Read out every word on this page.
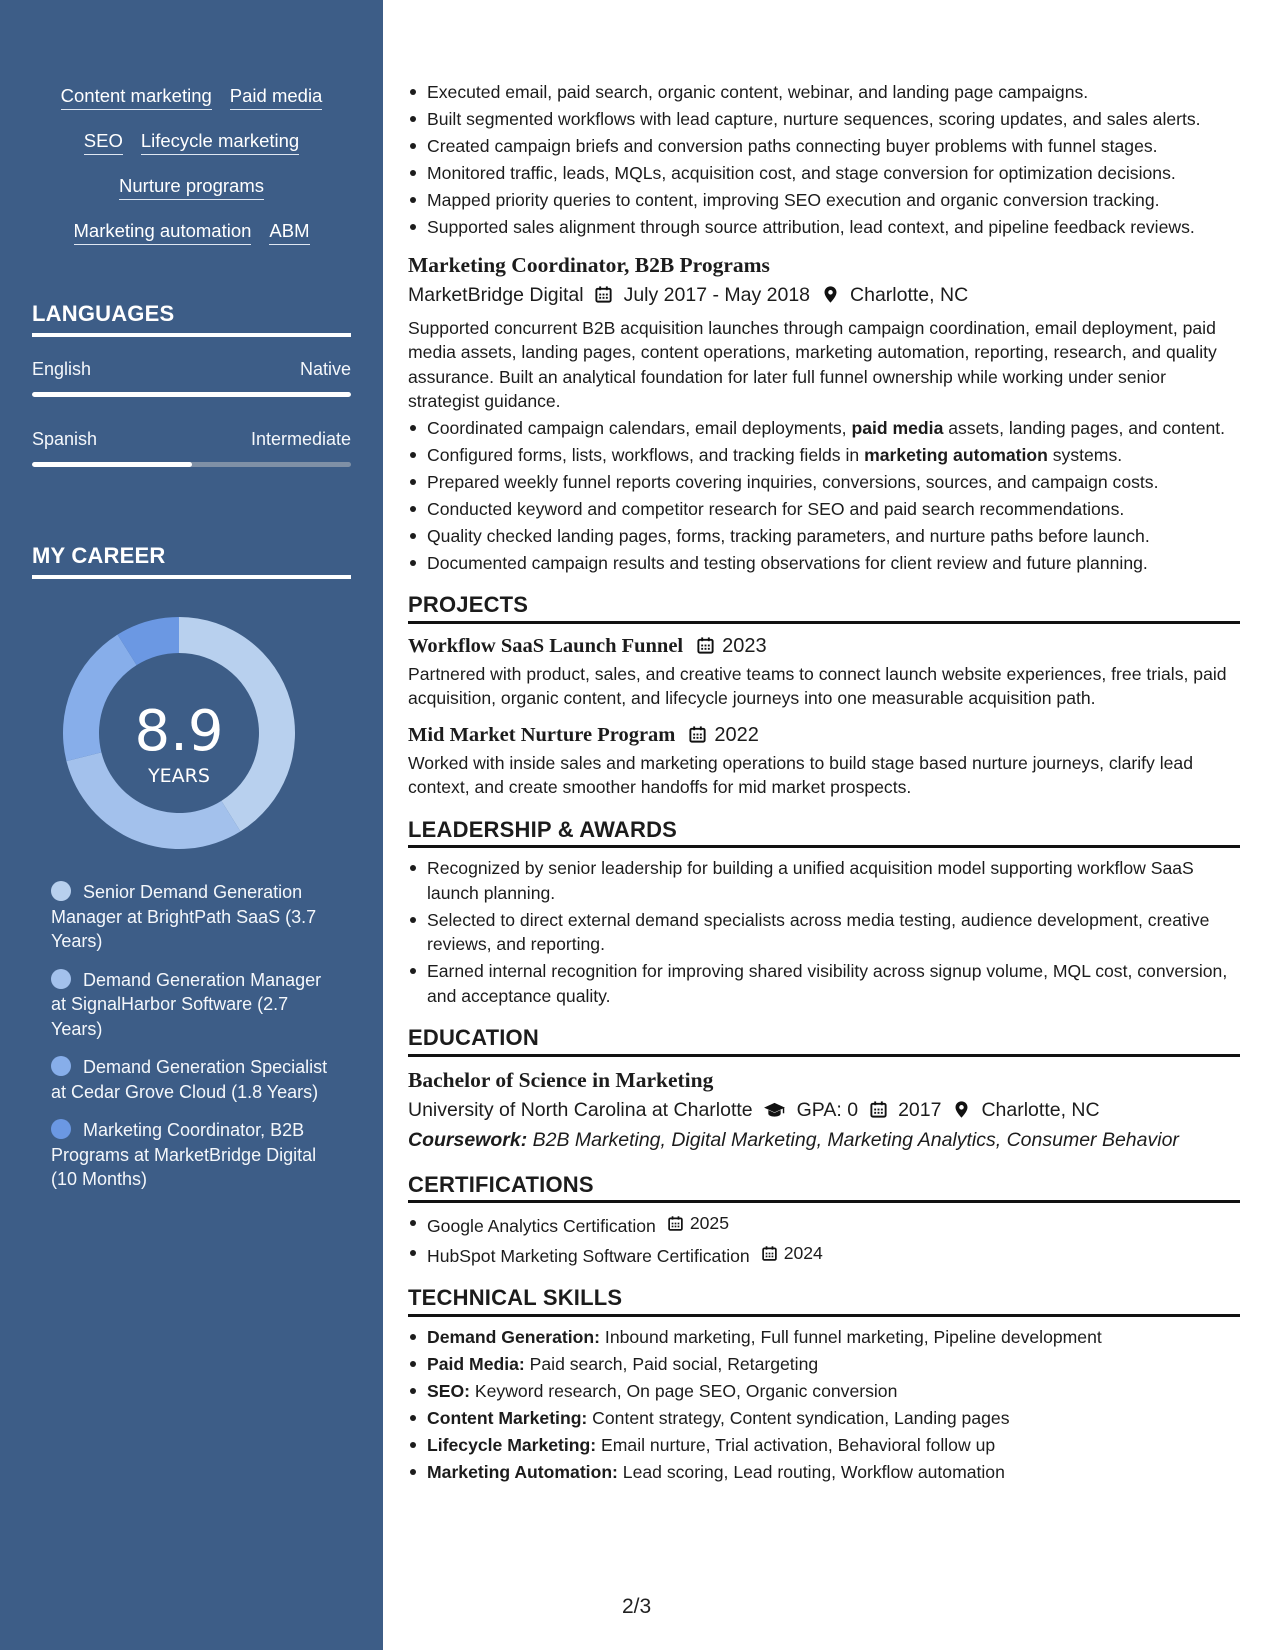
Content marketing Paid media
SEO Lifecycle marketing
Nurture programs
Marketing automation ABM
LANGUAGES
English	Native
Spanish	Intermediate
MY CAREER
8.9
YEARS
Senior Demand Generation Manager at BrightPath SaaS (3.7 Years)
Demand Generation Manager at SignalHarbor Software (2.7 Years)
Demand Generation Specialist at Cedar Grove Cloud (1.8 Years)
Marketing Coordinator, B2B Programs at MarketBridge Digital (10 Months)
Executed email, paid search, organic content, webinar, and landing page campaigns.
Built segmented workflows with lead capture, nurture sequences, scoring updates, and sales alerts.
Created campaign briefs and conversion paths connecting buyer problems with funnel stages.
Monitored traffic, leads, MQLs, acquisition cost, and stage conversion for optimization decisions.
Mapped priority queries to content, improving SEO execution and organic conversion tracking.
Supported sales alignment through source attribution, lead context, and pipeline feedback reviews.
Marketing Coordinator, B2B Programs
MarketBridge Digital July 2017 - May 2018 Charlotte, NC
Supported concurrent B2B acquisition launches through campaign coordination, email deployment, paid media assets, landing pages, content operations, marketing automation, reporting, research, and quality assurance. Built an analytical foundation for later full funnel ownership while working under senior strategist guidance.
Coordinated campaign calendars, email deployments, paid media assets, landing pages, and content.
Configured forms, lists, workflows, and tracking fields in marketing automation systems.
Prepared weekly funnel reports covering inquiries, conversions, sources, and campaign costs.
Conducted keyword and competitor research for SEO and paid search recommendations.
Quality checked landing pages, forms, tracking parameters, and nurture paths before launch.
Documented campaign results and testing observations for client review and future planning.
PROJECTS
Workflow SaaS Launch Funnel 2023
Partnered with product, sales, and creative teams to connect launch website experiences, free trials, paid acquisition, organic content, and lifecycle journeys into one measurable acquisition path.
Mid Market Nurture Program 2022
Worked with inside sales and marketing operations to build stage based nurture journeys, clarify lead context, and create smoother handoffs for mid market prospects.
LEADERSHIP & AWARDS
Recognized by senior leadership for building a unified acquisition model supporting workflow SaaS launch planning.
Selected to direct external demand specialists across media testing, audience development, creative reviews, and reporting.
Earned internal recognition for improving shared visibility across signup volume, MQL cost, conversion, and acceptance quality.
EDUCATION
Bachelor of Science in Marketing
University of North Carolina at Charlotte GPA: 0 2017 Charlotte, NC
Coursework: B2B Marketing, Digital Marketing, Marketing Analytics, Consumer Behavior
CERTIFICATIONS
Google Analytics Certification 2025
HubSpot Marketing Software Certification 2024
TECHNICAL SKILLS
Demand Generation: Inbound marketing, Full funnel marketing, Pipeline development
Paid Media: Paid search, Paid social, Retargeting
SEO: Keyword research, On page SEO, Organic conversion
Content Marketing: Content strategy, Content syndication, Landing pages
Lifecycle Marketing: Email nurture, Trial activation, Behavioral follow up
Marketing Automation: Lead scoring, Lead routing, Workflow automation
2/3
